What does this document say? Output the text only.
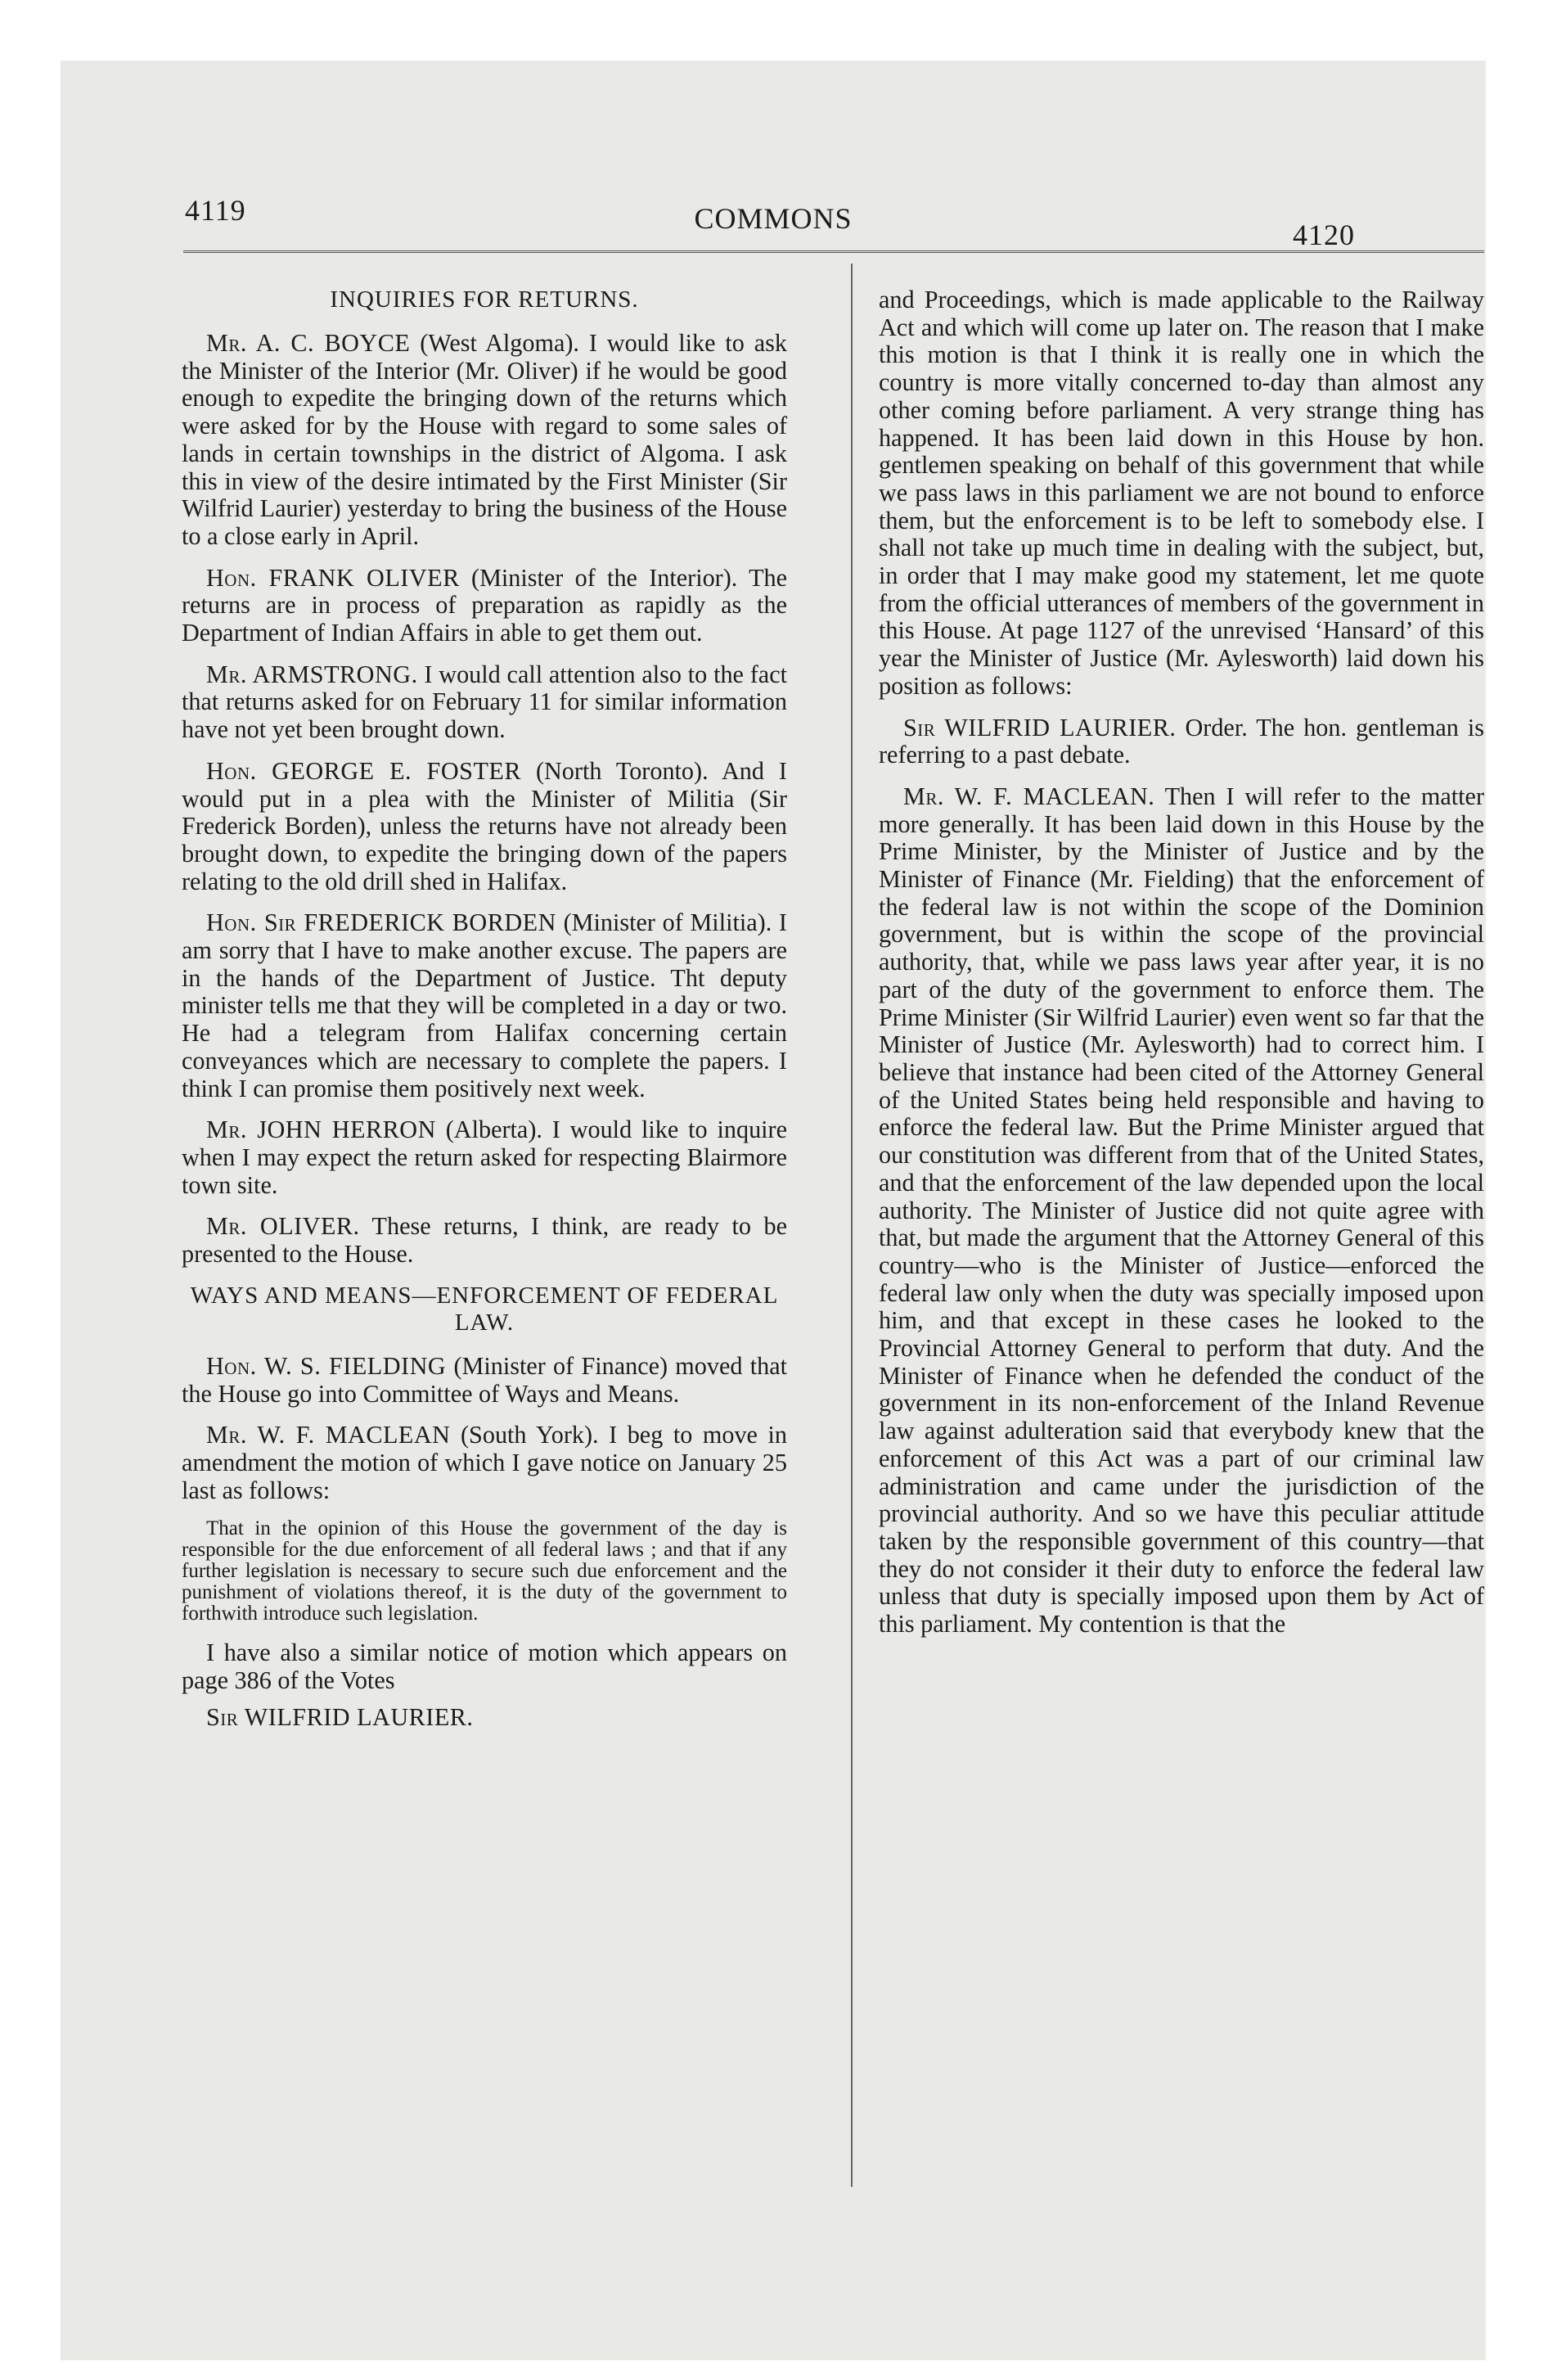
4119	COMMONS	4120
INQUIRIES FOR RETURNS.

Mr. A. C. BOYCE (West Algoma). I would like to ask the Minister of the Interior (Mr. Oliver) if he would be good enough to expedite the bringing down of the returns which were asked for by the House with regard to some sales of lands in certain townships in the district of Algoma. I ask this in view of the desire intimated by the First Minister (Sir Wilfrid Laurier) yesterday to bring the business of the House to a close early in April.

Hon. FRANK OLIVER (Minister of the Interior). The returns are in process of preparation as rapidly as the Department of Indian Affairs in able to get them out.

Mr. ARMSTRONG. I would call attention also to the fact that returns asked for on February 11 for similar information have not yet been brought down.

Hon. GEORGE E. FOSTER (North Toronto). And I would put in a plea with the Minister of Militia (Sir Frederick Borden), unless the returns have not already been brought down, to expedite the bringing down of the papers relating to the old drill shed in Halifax.

Hon. Sir FREDERICK BORDEN (Minister of Militia). I am sorry that I have to make another excuse. The papers are in the hands of the Department of Justice. Tht deputy minister tells me that they will be completed in a day or two. He had a telegram from Halifax concerning certain conveyances which are necessary to complete the papers. I think I can promise them positively next week.

Mr. JOHN HERRON (Alberta). I would like to inquire when I may expect the return asked for respecting Blairmore town site.

Mr. OLIVER. These returns, I think, are ready to be presented to the House.

WAYS AND MEANS—ENFORCEMENT OF FEDERAL LAW.

Hon. W. S. FIELDING (Minister of Finance) moved that the House go into Committee of Ways and Means.

Mr. W. F. MACLEAN (South York). I beg to move in amendment the motion of which I gave notice on January 25 last as follows:

That in the opinion of this House the government of the day is responsible for the due enforcement of all federal laws ; and that if any further legislation is necessary to secure such due enforcement and the punishment of violations thereof, it is the duty of the government to forthwith introduce such legislation.

I have also a similar notice of motion which appears on page 386 of the Votes

Sir WILFRID LAURIER.

and Proceedings, which is made applicable to the Railway Act and which will come up later on. The reason that I make this motion is that I think it is really one in which the country is more vitally concerned to-day than almost any other coming before parliament. A very strange thing has happened. It has been laid down in this House by hon. gentlemen speaking on behalf of this government that while we pass laws in this parliament we are not bound to enforce them, but the enforcement is to be left to somebody else. I shall not take up much time in dealing with the subject, but, in order that I may make good my statement, let me quote from the official utterances of members of the government in this House. At page 1127 of the unrevised ‘Hansard’ of this year the Minister of Justice (Mr. Aylesworth) laid down his position as follows:

Sir WILFRID LAURIER. Order. The hon. gentleman is referring to a past debate.

Mr. W. F. MACLEAN. Then I will refer to the matter more generally. It has been laid down in this House by the Prime Minister, by the Minister of Justice and by the Minister of Finance (Mr. Fielding) that the enforcement of the federal law is not within the scope of the Dominion government, but is within the scope of the provincial authority, that, while we pass laws year after year, it is no part of the duty of the government to enforce them. The Prime Minister (Sir Wilfrid Laurier) even went so far that the Minister of Justice (Mr. Aylesworth) had to correct him. I believe that instance had been cited of the Attorney General of the United States being held responsible and having to enforce the federal law. But the Prime Minister argued that our constitution was different from that of the United States, and that the enforcement of the law depended upon the local authority. The Minister of Justice did not quite agree with that, but made the argument that the Attorney General of this country—who is the Minister of Justice—enforced the federal law only when the duty was specially imposed upon him, and that except in these cases he looked to the Provincial Attorney General to perform that duty. And the Minister of Finance when he defended the conduct of the government in its non-enforcement of the Inland Revenue law against adulteration said that everybody knew that the enforcement of this Act was a part of our criminal law administration and came under the jurisdiction of the provincial authority. And so we have this peculiar attitude taken by the responsible government of this country—that they do not consider it their duty to enforce the federal law unless that duty is specially imposed upon them by Act of this parliament. My contention is that the
